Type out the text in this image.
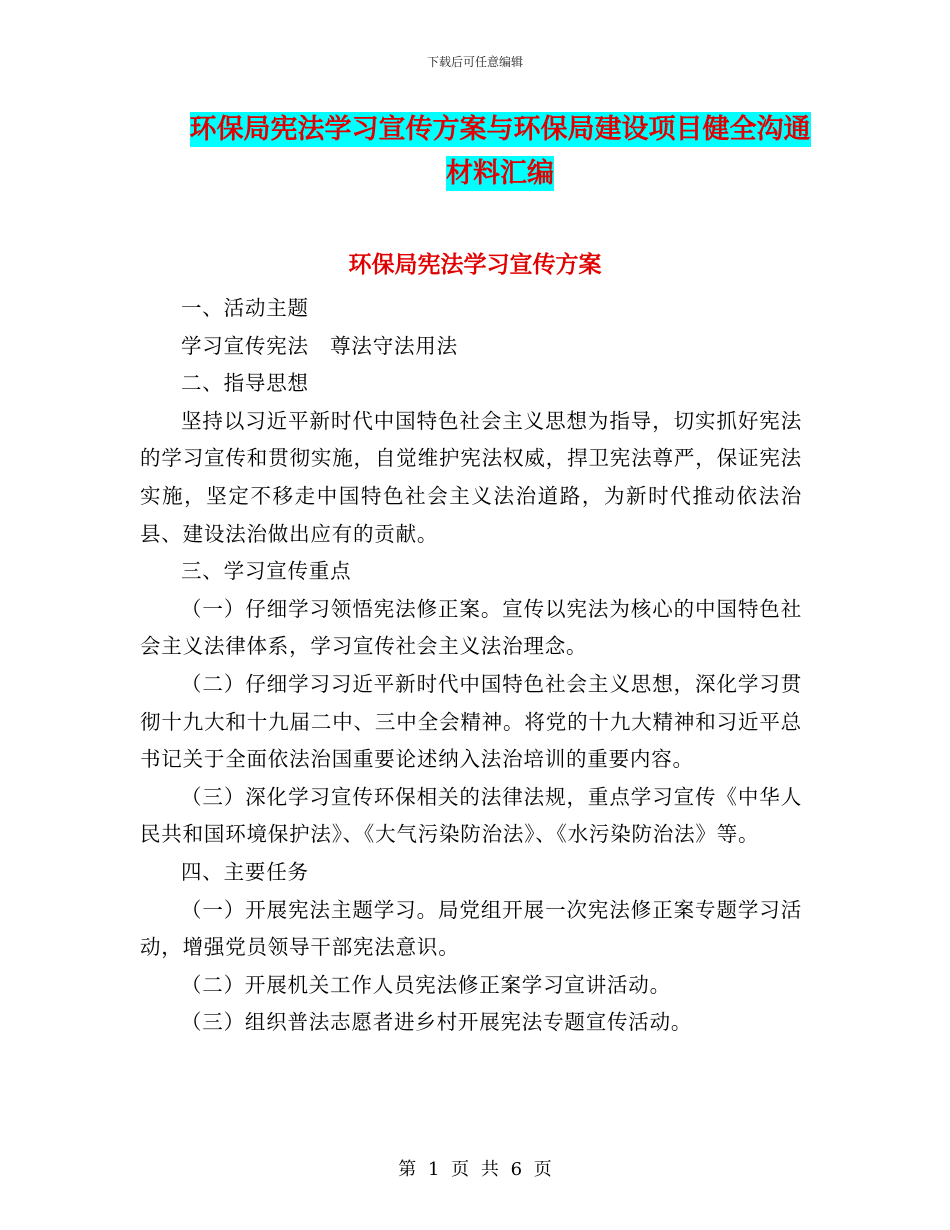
下载后可任意编辑
环保局宪法学习宣传方案与环保局建设项目健全沟通
材料汇编
环保局宪法学习宣传方案

一、活动主题

学习宣传宪法　尊法守法用法

二、指导思想

坚持以习近平新时代中国特色社会主义思想为指导，切实抓好宪法的学习宣传和贯彻实施，自觉维护宪法权威，捍卫宪法尊严，保证宪法实施，坚定不移走中国特色社会主义法治道路，为新时代推动依法治县、建设法治做出应有的贡献。

三、学习宣传重点

（一）仔细学习领悟宪法修正案。宣传以宪法为核心的中国特色社会主义法律体系，学习宣传社会主义法治理念。

（二）仔细学习习近平新时代中国特色社会主义思想，深化学习贯彻十九大和十九届二中、三中全会精神。将党的十九大精神和习近平总书记关于全面依法治国重要论述纳入法治培训的重要内容。

（三）深化学习宣传环保相关的法律法规，重点学习宣传《中华人民共和国环境保护法》、《大气污染防治法》、《水污染防治法》等。

四、主要任务

（一）开展宪法主题学习。局党组开展一次宪法修正案专题学习活动，增强党员领导干部宪法意识。

（二）开展机关工作人员宪法修正案学习宣讲活动。

（三）组织普法志愿者进乡村开展宪法专题宣传活动。

第 1 页 共 6 页
